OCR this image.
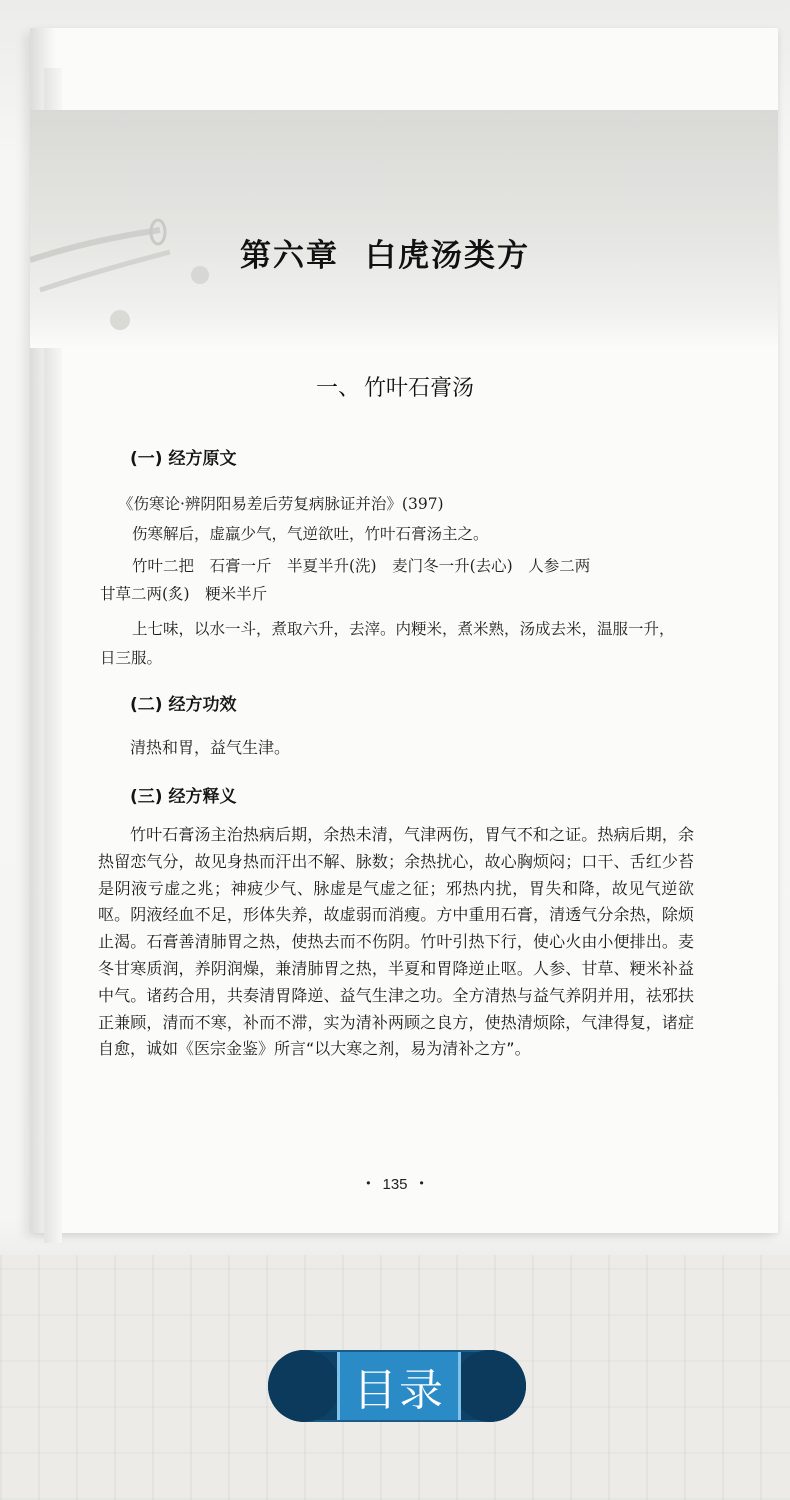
第六章 白虎汤类方
一、 竹叶石膏汤
(一) 经方原文

《伤寒论·辨阴阳易差后劳复病脉证并治》(397)

伤寒解后，虚羸少气，气逆欲吐，竹叶石膏汤主之。

竹叶二把　石膏一斤　半夏半升(洗)　麦门冬一升(去心)　人参二两

甘草二两(炙)　粳米半斤

上七味，以水一斗，煮取六升，去滓。内粳米，煮米熟，汤成去米，温服一升，

日三服。

(二) 经方功效

清热和胃，益气生津。

(三) 经方释义

竹叶石膏汤主治热病后期，余热未清，气津两伤，胃气不和之证。热病后期，余热留恋气分，故见身热而汗出不解、脉数；余热扰心，故心胸烦闷；口干、舌红少苔是阴液亏虚之兆；神疲少气、脉虚是气虚之征；邪热内扰，胃失和降，故见气逆欲呕。阴液经血不足，形体失养，故虚弱而消瘦。方中重用石膏，清透气分余热，除烦止渴。石膏善清肺胃之热，使热去而不伤阴。竹叶引热下行，使心火由小便排出。麦冬甘寒质润，养阴润燥，兼清肺胃之热，半夏和胃降逆止呕。人参、甘草、粳米补益中气。诸药合用，共奏清胃降逆、益气生津之功。全方清热与益气养阴并用，祛邪扶正兼顾，清而不寒，补而不滞，实为清补两顾之良方，使热清烦除，气津得复，诸症自愈，诚如《医宗金鉴》所言“以大寒之剂，易为清补之方”。

• 135 •
目录
